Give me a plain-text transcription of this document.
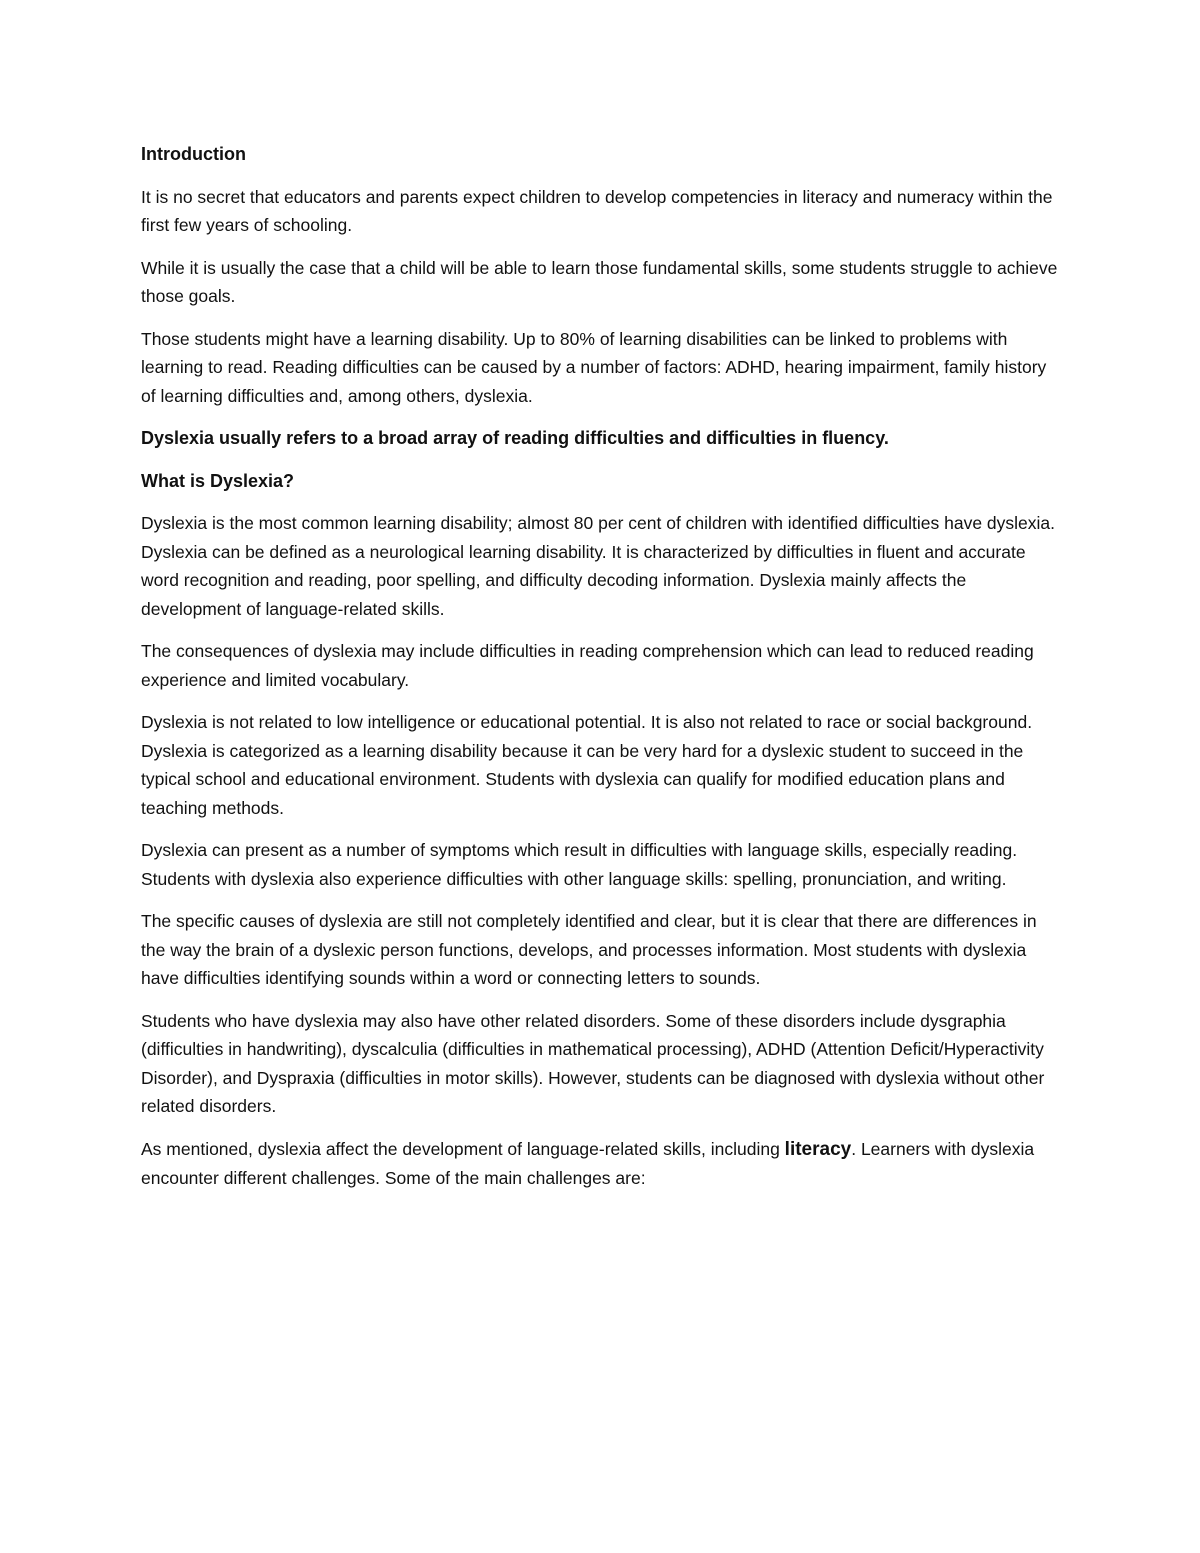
Introduction

It is no secret that educators and parents expect children to develop competencies in literacy and numeracy within the first few years of schooling.

While it is usually the case that a child will be able to learn those fundamental skills, some students struggle to achieve those goals.

Those students might have a learning disability. Up to 80% of learning disabilities can be linked to problems with learning to read. Reading difficulties can be caused by a number of factors: ADHD, hearing impairment, family history of learning difficulties and, among others, dyslexia.

Dyslexia usually refers to a broad array of reading difficulties and difficulties in fluency.

What is Dyslexia?

Dyslexia is the most common learning disability; almost 80 per cent of children with identified difficulties have dyslexia. Dyslexia can be defined as a neurological learning disability. It is characterized by difficulties in fluent and accurate word recognition and reading, poor spelling, and difficulty decoding information. Dyslexia mainly affects the development of language-related skills.

The consequences of dyslexia may include difficulties in reading comprehension which can lead to reduced reading experience and limited vocabulary.

Dyslexia is not related to low intelligence or educational potential. It is also not related to race or social background. Dyslexia is categorized as a learning disability because it can be very hard for a dyslexic student to succeed in the typical school and educational environment. Students with dyslexia can qualify for modified education plans and teaching methods.

Dyslexia can present as a number of symptoms which result in difficulties with language skills, especially reading. Students with dyslexia also experience difficulties with other language skills: spelling, pronunciation, and writing.

The specific causes of dyslexia are still not completely identified and clear, but it is clear that there are differences in the way the brain of a dyslexic person functions, develops, and processes information. Most students with dyslexia have difficulties identifying sounds within a word or connecting letters to sounds.

Students who have dyslexia may also have other related disorders. Some of these disorders include dysgraphia (difficulties in handwriting), dyscalculia (difficulties in mathematical processing), ADHD (Attention Deficit/Hyperactivity Disorder), and Dyspraxia (difficulties in motor skills). However, students can be diagnosed with dyslexia without other related disorders.

As mentioned, dyslexia affect the development of language-related skills, including literacy. Learners with dyslexia encounter different challenges. Some of the main challenges are:
